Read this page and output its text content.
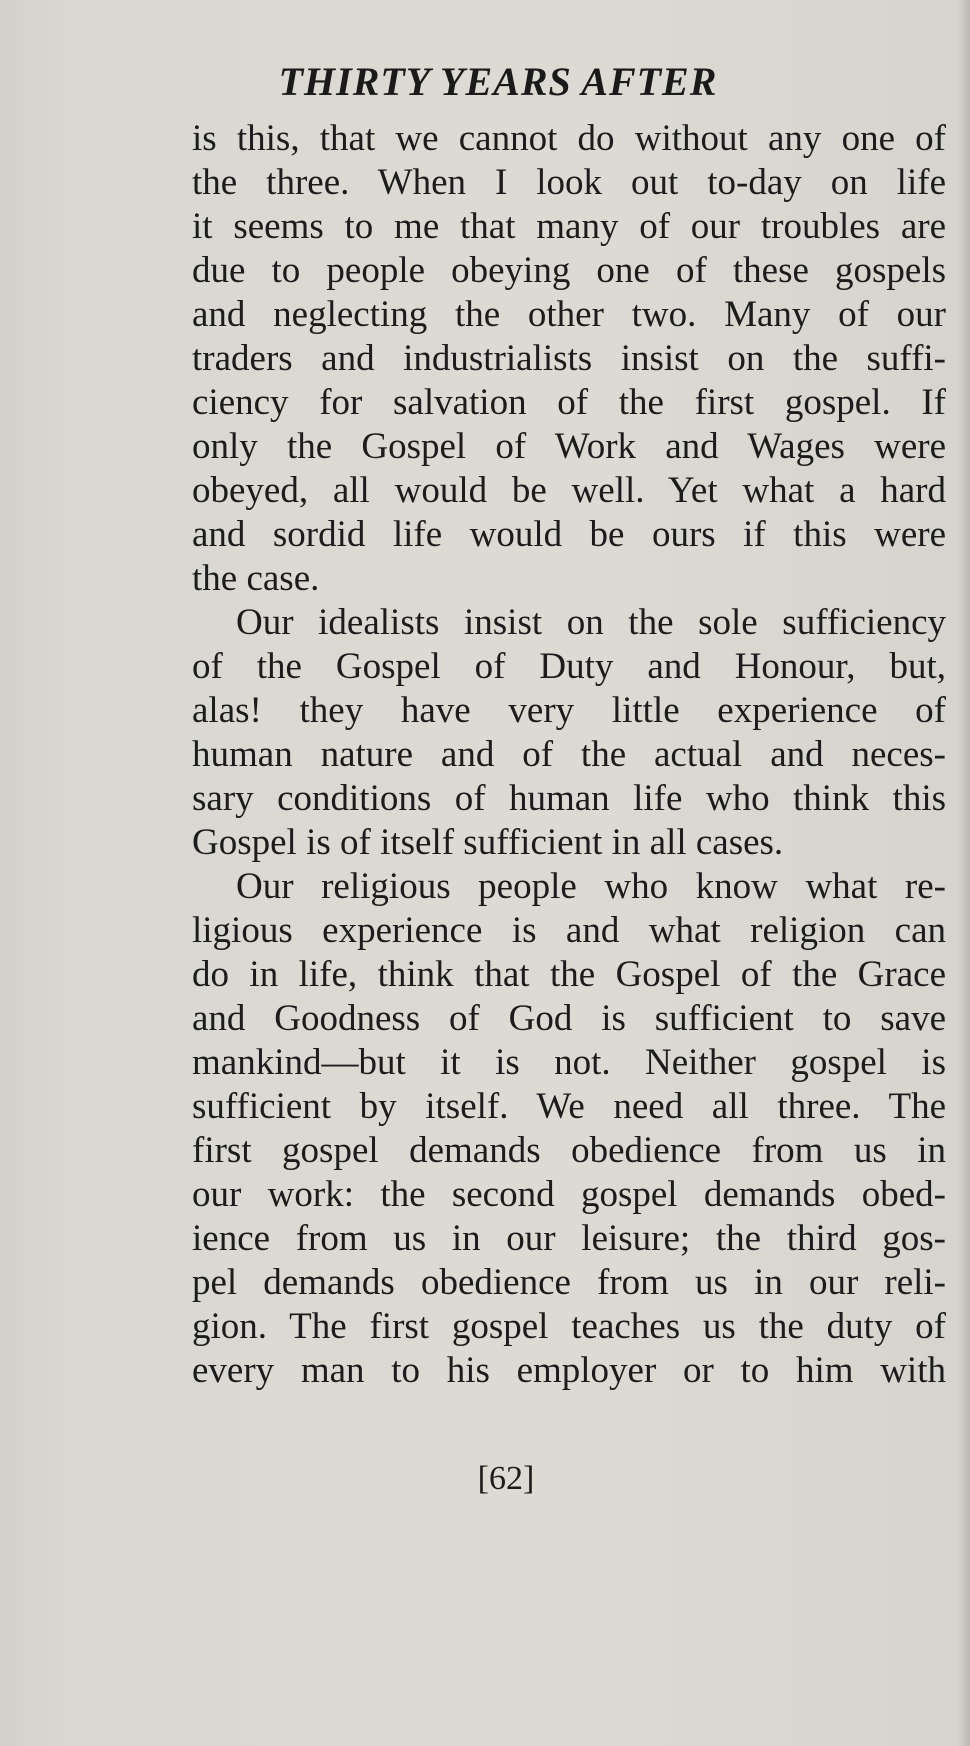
THIRTY YEARS AFTER
is this, that we cannot do without any one of
the three. When I look out to-day on life
it seems to me that many of our troubles are
due to people obeying one of these gospels
and neglecting the other two. Many of our
traders and industrialists insist on the suffi-
ciency for salvation of the first gospel. If
only the Gospel of Work and Wages were
obeyed, all would be well. Yet what a hard
and sordid life would be ours if this were
the case.
Our idealists insist on the sole sufficiency
of the Gospel of Duty and Honour, but,
alas! they have very little experience of
human nature and of the actual and neces-
sary conditions of human life who think this
Gospel is of itself sufficient in all cases.
Our religious people who know what re-
ligious experience is and what religion can
do in life, think that the Gospel of the Grace
and Goodness of God is sufficient to save
mankind—but it is not. Neither gospel is
sufficient by itself. We need all three. The
first gospel demands obedience from us in
our work: the second gospel demands obed-
ience from us in our leisure; the third gos-
pel demands obedience from us in our reli-
gion. The first gospel teaches us the duty of
every man to his employer or to him with
[62]
